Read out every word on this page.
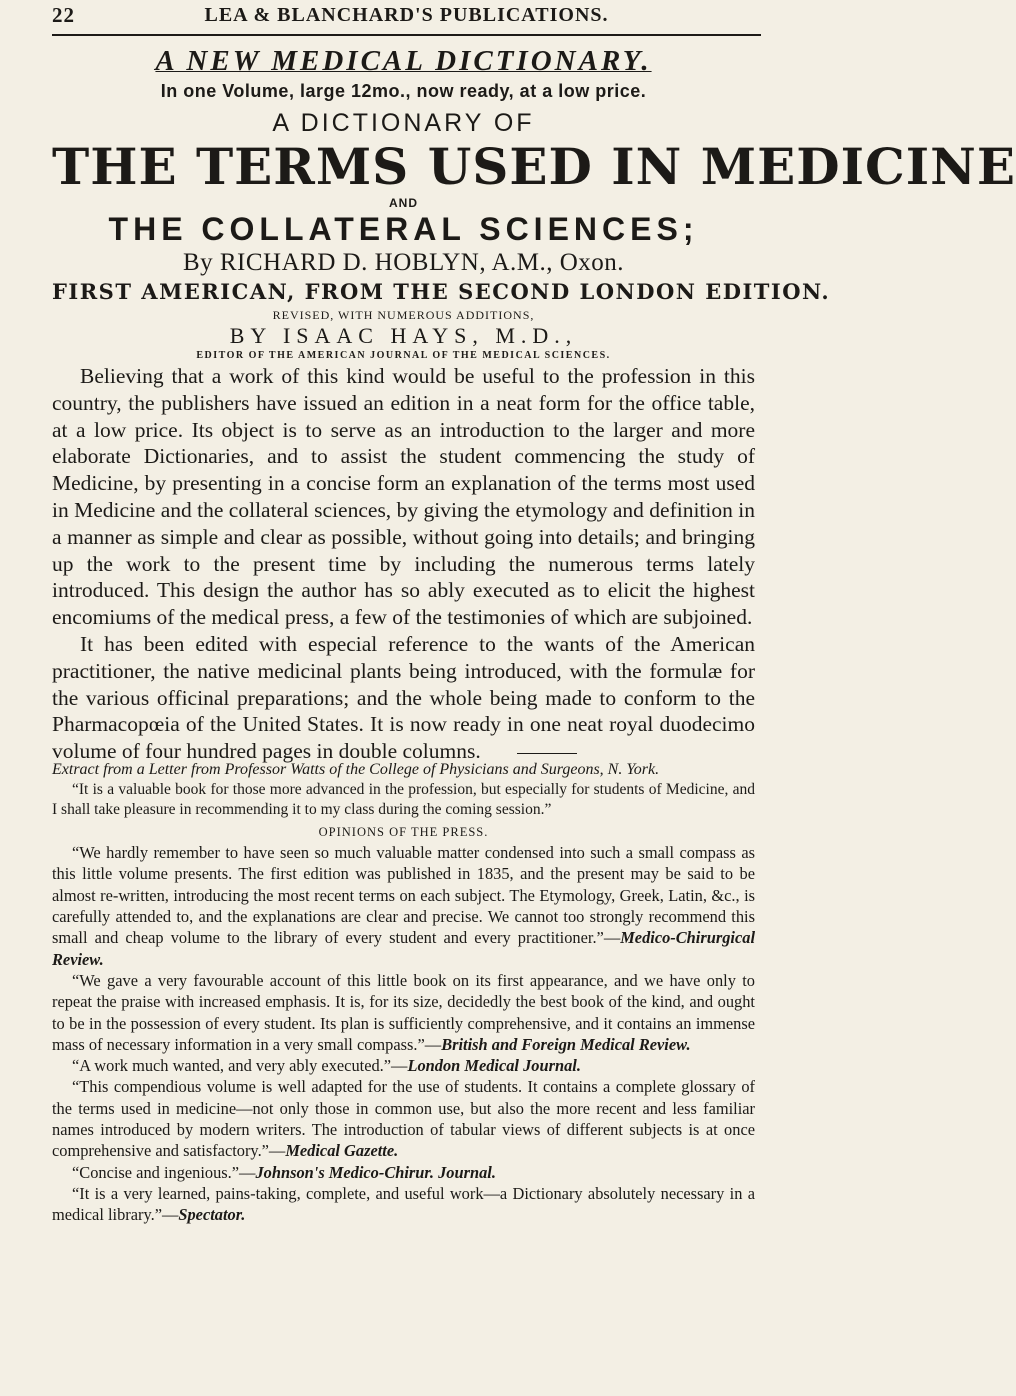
22	LEA & BLANCHARD'S PUBLICATIONS.
A NEW MEDICAL DICTIONARY.
In one Volume, large 12mo., now ready, at a low price.
A DICTIONARY OF
THE TERMS USED IN MEDICINE
AND
THE COLLATERAL SCIENCES;
By RICHARD D. HOBLYN, A.M., Oxon.
FIRST AMERICAN, FROM THE SECOND LONDON EDITION.
REVISED, WITH NUMEROUS ADDITIONS,
BY ISAAC HAYS, M.D.,
EDITOR OF THE AMERICAN JOURNAL OF THE MEDICAL SCIENCES.

Believing that a work of this kind would be useful to the profession in this country, the publishers have issued an edition in a neat form for the office table, at a low price. Its object is to serve as an introduction to the larger and more elaborate Dictionaries, and to assist the student commencing the study of Medicine, by presenting in a concise form an explanation of the terms most used in Medicine and the collateral sciences, by giving the etymology and definition in a manner as simple and clear as possible, without going into details; and bringing up the work to the present time by including the numerous terms lately introduced. This design the author has so ably executed as to elicit the highest encomiums of the medical press, a few of the testimonies of which are subjoined.

It has been edited with especial reference to the wants of the American practitioner, the native medicinal plants being introduced, with the formulæ for the various officinal preparations; and the whole being made to conform to the Pharmacopœia of the United States. It is now ready in one neat royal duodecimo volume of four hundred pages in double columns.

Extract from a Letter from Professor Watts of the College of Physicians and Surgeons, N. York.

“It is a valuable book for those more advanced in the profession, but especially for students of Medicine, and I shall take pleasure in recommending it to my class during the coming session.”

OPINIONS OF THE PRESS.

“We hardly remember to have seen so much valuable matter condensed into such a small compass as this little volume presents. The first edition was published in 1835, and the present may be said to be almost re-written, introducing the most recent terms on each subject. The Etymology, Greek, Latin, &c., is carefully attended to, and the explanations are clear and precise. We cannot too strongly recommend this small and cheap volume to the library of every student and every practitioner.”—Medico-Chirurgical Review.

“We gave a very favourable account of this little book on its first appearance, and we have only to repeat the praise with increased emphasis. It is, for its size, decidedly the best book of the kind, and ought to be in the possession of every student. Its plan is sufficiently comprehensive, and it contains an immense mass of necessary information in a very small compass.”—British and Foreign Medical Review.

“A work much wanted, and very ably executed.”—London Medical Journal.

“This compendious volume is well adapted for the use of students. It contains a complete glossary of the terms used in medicine—not only those in common use, but also the more recent and less familiar names introduced by modern writers. The introduction of tabular views of different subjects is at once comprehensive and satisfactory.”—Medical Gazette.

“Concise and ingenious.”—Johnson's Medico-Chirur. Journal.

“It is a very learned, pains-taking, complete, and useful work—a Dictionary absolutely necessary in a medical library.”—Spectator.
